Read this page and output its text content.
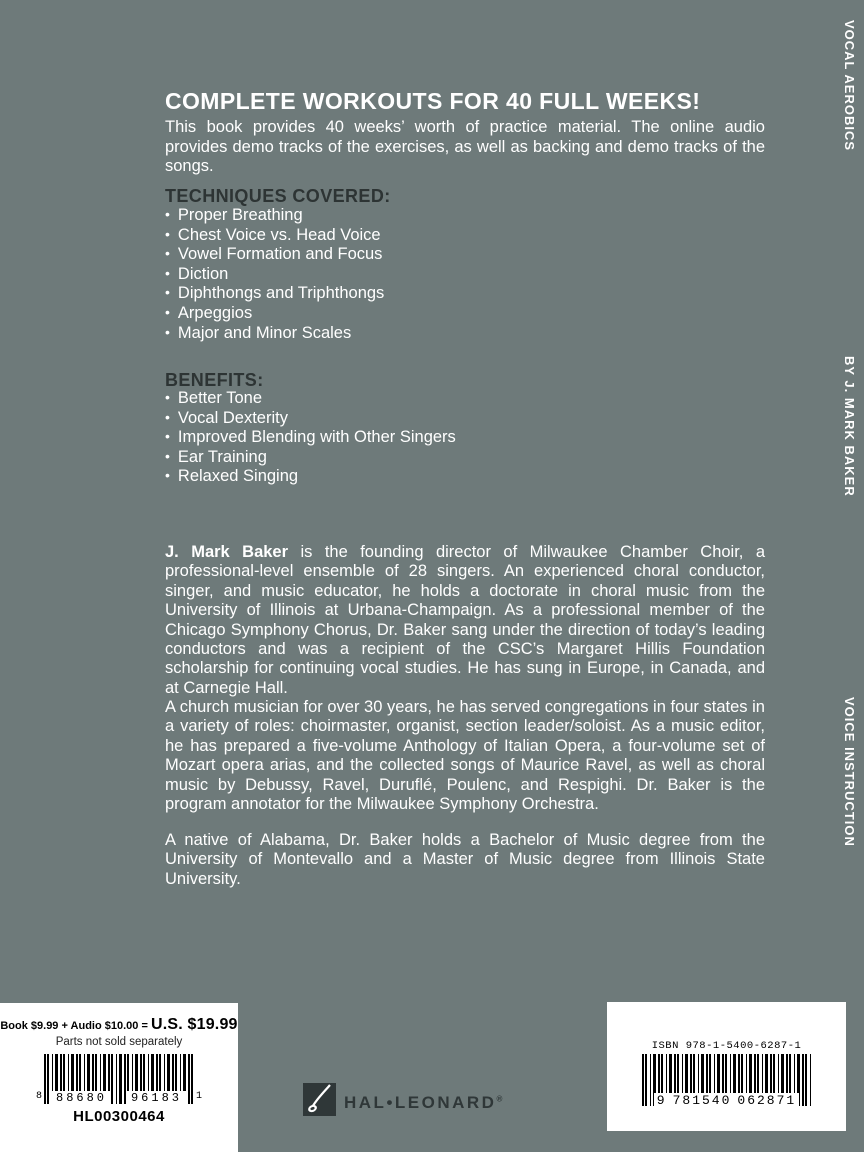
COMPLETE WORKOUTS FOR 40 FULL WEEKS!
This book provides 40 weeks’ worth of practice material. The online audio provides demo tracks of the exercises, as well as backing and demo tracks of the songs.
TECHNIQUES COVERED:
• Proper Breathing
• Chest Voice vs. Head Voice
• Vowel Formation and Focus
• Diction
• Diphthongs and Triphthongs
• Arpeggios
• Major and Minor Scales
BENEFITS:
• Better Tone
• Vocal Dexterity
• Improved Blending with Other Singers
• Ear Training
• Relaxed Singing
J. Mark Baker is the founding director of Milwaukee Chamber Choir, a professional-level ensemble of 28 singers. An experienced choral conductor, singer, and music educator, he holds a doctorate in choral music from the University of Illinois at Urbana-Champaign. As a professional member of the Chicago Symphony Chorus, Dr. Baker sang under the direction of today’s leading conductors and was a recipient of the CSC’s Margaret Hillis Foundation scholarship for continuing vocal studies. He has sung in Europe, in Canada, and at Carnegie Hall.
A church musician for over 30 years, he has served congregations in four states in a variety of roles: choirmaster, organist, section leader/soloist. As a music editor, he has prepared a five-volume Anthology of Italian Opera, a four-volume set of Mozart opera arias, and the collected songs of Maurice Ravel, as well as choral music by Debussy, Ravel, Duruflé, Poulenc, and Respighi. Dr. Baker is the program annotator for the Milwaukee Symphony Orchestra.
A native of Alabama, Dr. Baker holds a Bachelor of Music degree from the University of Montevallo and a Master of Music degree from Illinois State University.
VOCAL AEROBICS
BY J. MARK BAKER
VOICE INSTRUCTION
Book $9.99 + Audio $10.00 = U.S. $19.99
Parts not sold separately
8	88680	96183	1
HL00300464
HAL•LEONARD®
ISBN 978-1-5400-6287-1
9 781540 062871
